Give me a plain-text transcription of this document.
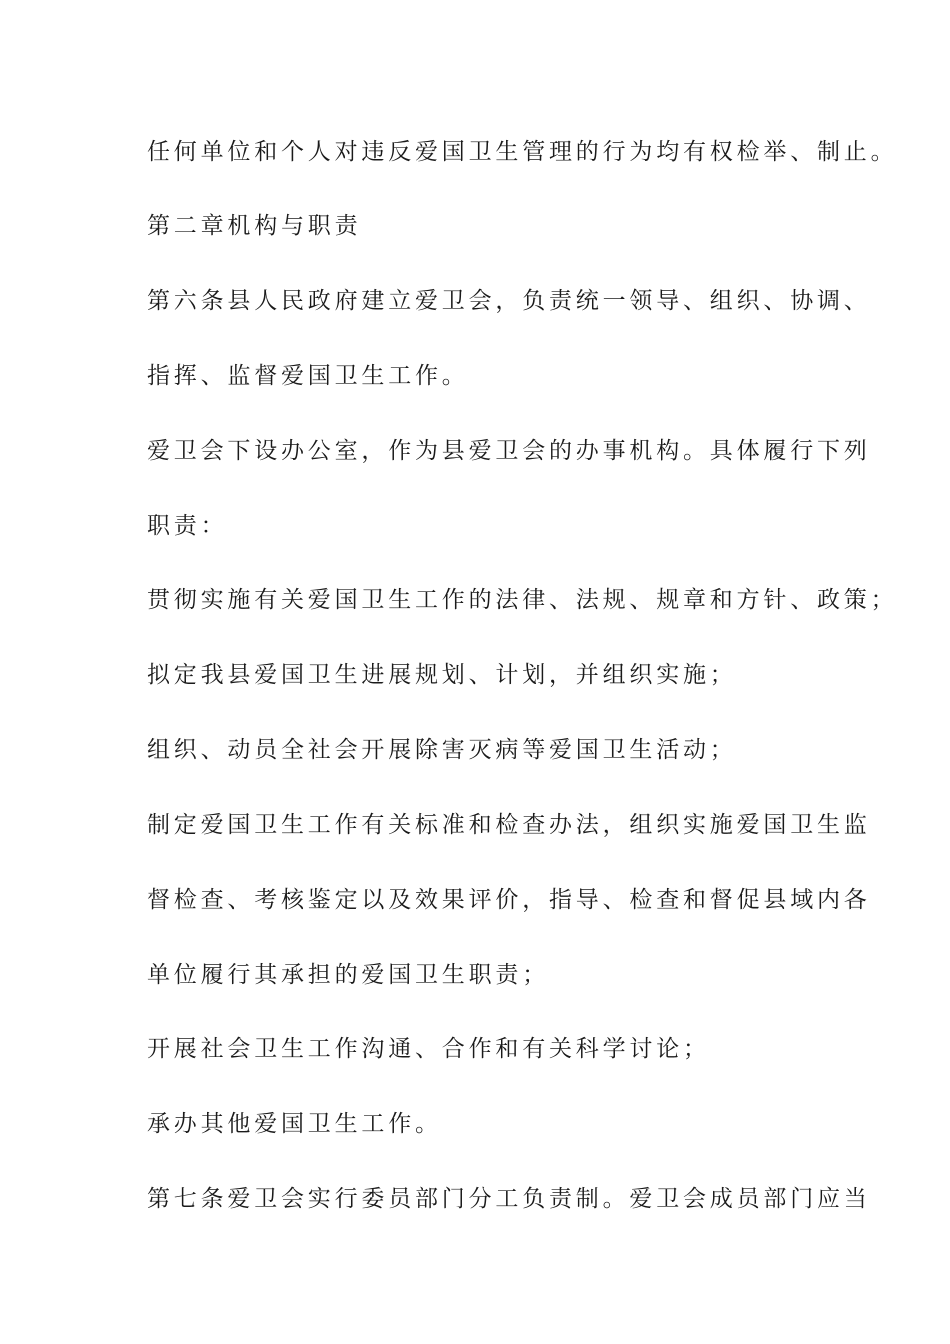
任何单位和个人对违反爱国卫生管理的行为均有权检举、制止。
第二章机构与职责
第六条县人民政府建立爱卫会，负责统一领导、组织、协调、
指挥、监督爱国卫生工作。
爱卫会下设办公室，作为县爱卫会的办事机构。具体履行下列
职责：
贯彻实施有关爱国卫生工作的法律、法规、规章和方针、政策；
拟定我县爱国卫生进展规划、计划，并组织实施；
组织、动员全社会开展除害灭病等爱国卫生活动；
制定爱国卫生工作有关标准和检查办法，组织实施爱国卫生监
督检查、考核鉴定以及效果评价，指导、检查和督促县域内各
单位履行其承担的爱国卫生职责；
开展社会卫生工作沟通、合作和有关科学讨论；
承办其他爱国卫生工作。
第七条爱卫会实行委员部门分工负责制。爱卫会成员部门应当
